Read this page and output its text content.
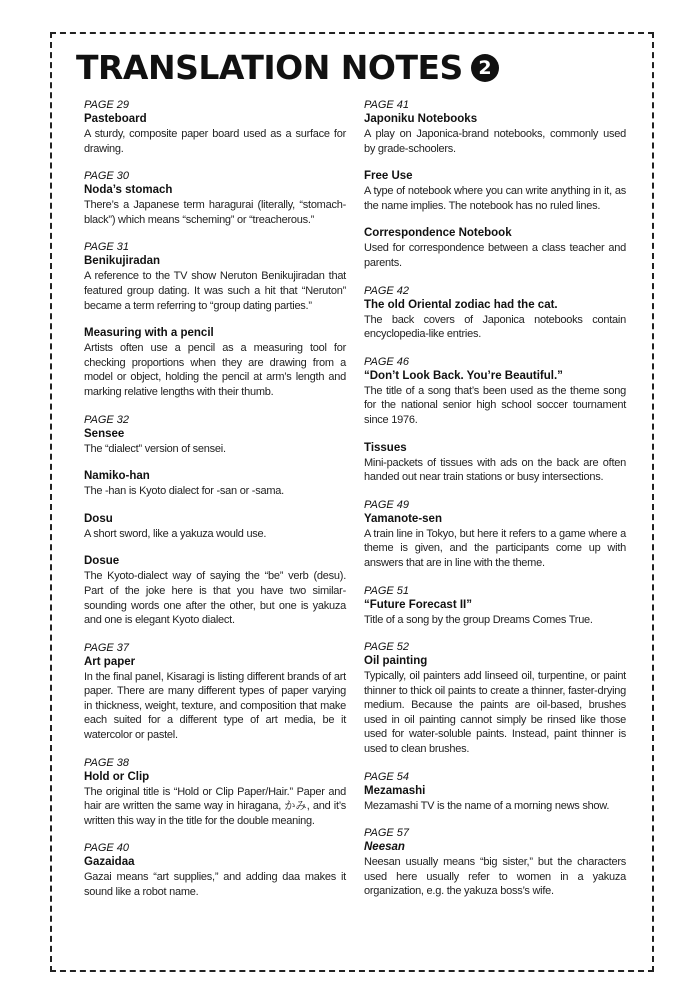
TRANSLATION NOTES 2
PAGE 29
Pasteboard
A sturdy, composite paper board used as a surface for drawing.
PAGE 30
Noda’s stomach
There’s a Japanese term haragurai (literally, “stomach-black”) which means “scheming” or “treacherous.”
PAGE 31
Benikujiradan
A reference to the TV show Neruton Benikujiradan that featured group dating. It was such a hit that “Neruton” became a term referring to “group dating parties.”
Measuring with a pencil
Artists often use a pencil as a measuring tool for checking proportions when they are drawing from a model or object, holding the pencil at arm’s length and marking relative lengths with their thumb.
PAGE 32
Sensee
The “dialect” version of sensei.
Namiko-han
The -han is Kyoto dialect for -san or -sama.
Dosu
A short sword, like a yakuza would use.
Dosue
The Kyoto-dialect way of saying the “be” verb (desu). Part of the joke here is that you have two similar-sounding words one after the other, but one is yakuza and one is elegant Kyoto dialect.
PAGE 37
Art paper
In the final panel, Kisaragi is listing different brands of art paper. There are many different types of paper varying in thickness, weight, texture, and composition that make each suited for a different type of art media, be it watercolor or pastel.
PAGE 38
Hold or Clip
The original title is “Hold or Clip Paper/Hair.” Paper and hair are written the same way in hiragana, かみ, and it’s written this way in the title for the double meaning.
PAGE 40
Gazaidaa
Gazai means “art supplies,” and adding daa makes it sound like a robot name.
PAGE 41
Japoniku Notebooks
A play on Japonica-brand notebooks, commonly used by grade-schoolers.
Free Use
A type of notebook where you can write anything in it, as the name implies. The notebook has no ruled lines.
Correspondence Notebook
Used for correspondence between a class teacher and parents.
PAGE 42
The old Oriental zodiac had the cat.
The back covers of Japonica notebooks contain encyclopedia-like entries.
PAGE 46
“Don’t Look Back. You’re Beautiful.”
The title of a song that’s been used as the theme song for the national senior high school soccer tournament since 1976.
Tissues
Mini-packets of tissues with ads on the back are often handed out near train stations or busy intersections.
PAGE 49
Yamanote-sen
A train line in Tokyo, but here it refers to a game where a theme is given, and the participants come up with answers that are in line with the theme.
PAGE 51
“Future Forecast II”
Title of a song by the group Dreams Comes True.
PAGE 52
Oil painting
Typically, oil painters add linseed oil, turpentine, or paint thinner to thick oil paints to create a thinner, faster-drying medium. Because the paints are oil-based, brushes used in oil painting cannot simply be rinsed like those used for water-soluble paints. Instead, paint thinner is used to clean brushes.
PAGE 54
Mezamashi
Mezamashi TV is the name of a morning news show.
PAGE 57
Neesan
Neesan usually means “big sister,” but the characters used here usually refer to women in a yakuza organization, e.g. the yakuza boss’s wife.
